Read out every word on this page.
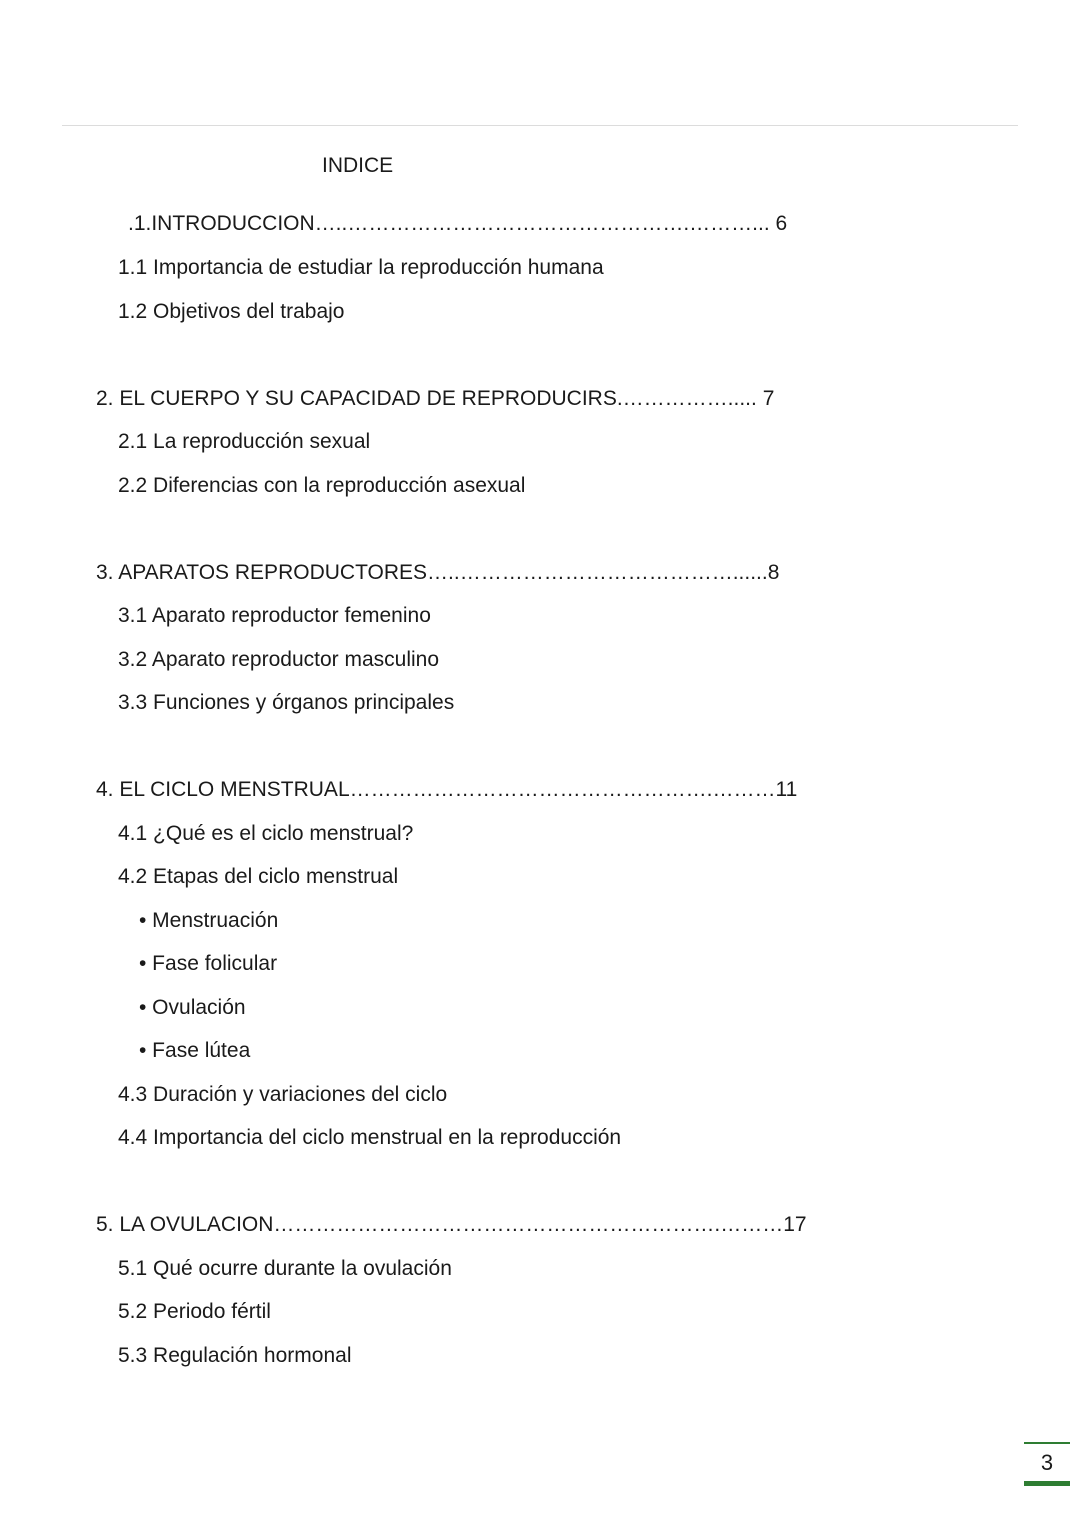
INDICE
.1.INTRODUCCION…..………………………………………….………... 6
1.1 Importancia de estudiar la reproducción humana
1.2 Objetivos del trabajo
2. EL CUERPO Y SU CAPACIDAD DE REPRODUCIRS.……………..... 7
2.1 La reproducción sexual
2.2 Diferencias con la reproducción asexual
3. APARATOS REPRODUCTORES…..…………………………………......8
3.1 Aparato reproductor femenino
3.2 Aparato reproductor masculino
3.3 Funciones y órganos principales
4. EL CICLO MENSTRUAL…………………………………………….………11
4.1 ¿Qué es el ciclo menstrual?
4.2 Etapas del ciclo menstrual
• Menstruación
• Fase folicular
• Ovulación
• Fase lútea
4.3 Duración y variaciones del ciclo
4.4 Importancia del ciclo menstrual en la reproducción
5. LA OVULACION……………………………………………………….………17
5.1 Qué ocurre durante la ovulación
5.2 Periodo fértil
5.3 Regulación hormonal
3
